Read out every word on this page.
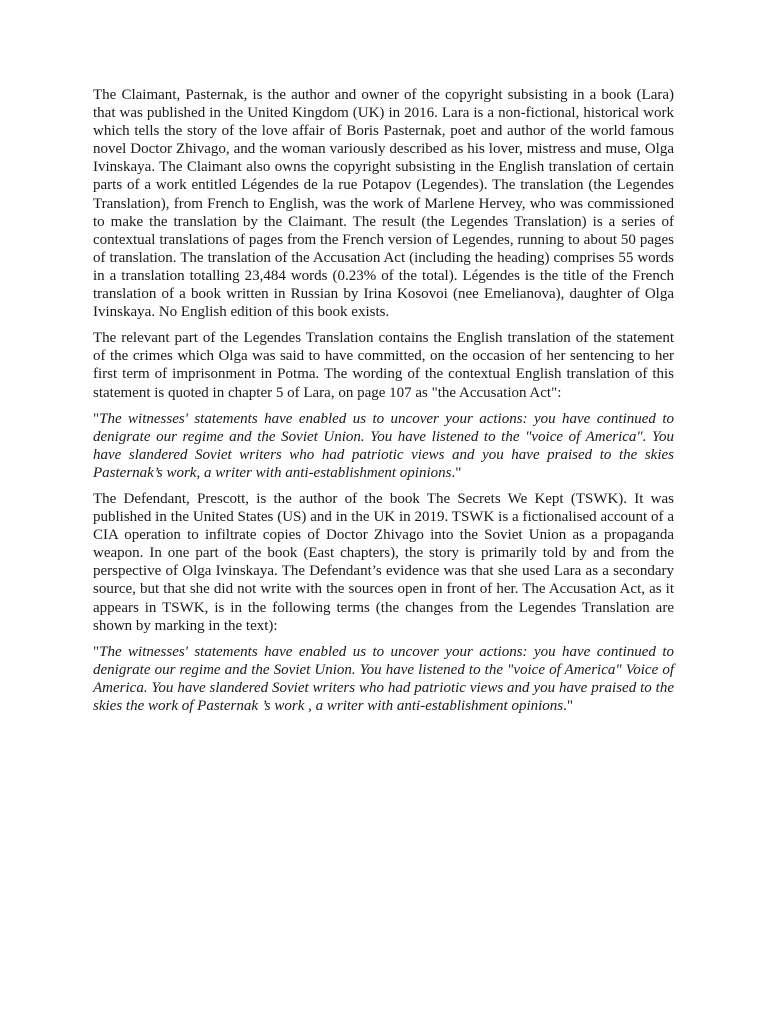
The Claimant, Pasternak, is the author and owner of the copyright subsisting in a book (Lara) that was published in the United Kingdom (UK) in 2016. Lara is a non-fictional, historical work which tells the story of the love affair of Boris Pasternak, poet and author of the world famous novel Doctor Zhivago, and the woman variously described as his lover, mistress and muse, Olga Ivinskaya. The Claimant also owns the copyright subsisting in the English translation of certain parts of a work entitled Légendes de la rue Potapov (Legendes). The translation (the Legendes Translation), from French to English, was the work of Marlene Hervey, who was commissioned to make the translation by the Claimant. The result (the Legendes Translation) is a series of contextual translations of pages from the French version of Legendes, running to about 50 pages of translation. The translation of the Accusation Act (including the heading) comprises 55 words in a translation totalling 23,484 words (0.23% of the total). Légendes is the title of the French translation of a book written in Russian by Irina Kosovoi (nee Emelianova), daughter of Olga Ivinskaya. No English edition of this book exists.

The relevant part of the Legendes Translation contains the English translation of the statement of the crimes which Olga was said to have committed, on the occasion of her sentencing to her first term of imprisonment in Potma. The wording of the contextual English translation of this statement is quoted in chapter 5 of Lara, on page 107 as "the Accusation Act":

"The witnesses' statements have enabled us to uncover your actions: you have continued to denigrate our regime and the Soviet Union. You have listened to the "voice of America". You have slandered Soviet writers who had patriotic views and you have praised to the skies Pasternak’s work, a writer with anti-establishment opinions."

The Defendant, Prescott, is the author of the book The Secrets We Kept (TSWK). It was published in the United States (US) and in the UK in 2019. TSWK is a fictionalised account of a CIA operation to infiltrate copies of Doctor Zhivago into the Soviet Union as a propaganda weapon. In one part of the book (East chapters), the story is primarily told by and from the perspective of Olga Ivinskaya. The Defendant’s evidence was that she used Lara as a secondary source, but that she did not write with the sources open in front of her. The Accusation Act, as it appears in TSWK, is in the following terms (the changes from the Legendes Translation are shown by marking in the text):

"The witnesses' statements have enabled us to uncover your actions: you have continued to denigrate our regime and the Soviet Union. You have listened to the "voice of America" Voice of America. You have slandered Soviet writers who had patriotic views and you have praised to the skies the work of Pasternak ’s work , a writer with anti-establishment opinions."
